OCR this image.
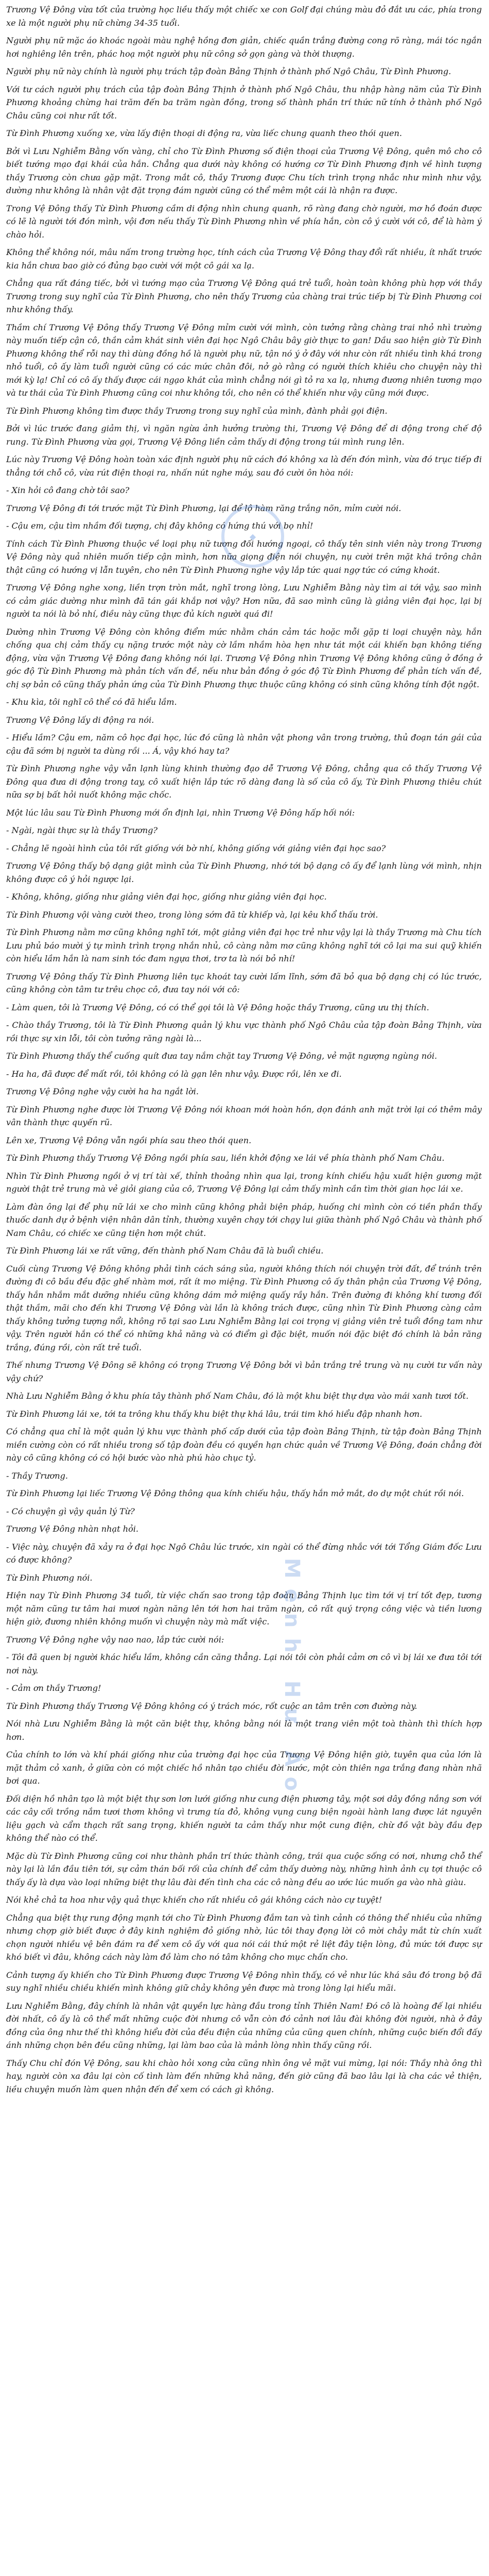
Trương Vệ Đông vừa tốt của trường học liều thấy một chiếc xe con Golf đại chúng màu đỏ đắt ưu các, phía trong xe là một người phụ nữ chừng 34-35 tuổi.

Người phụ nữ mặc áo khoác ngoài màu nghệ hồng đơn giản, chiếc quần trắng đường cong rõ ràng, mái tóc ngắn hơi nghiêng lên trên, phác hoạ một người phụ nữ công sở gọn gàng và thời thượng.

Người phụ nữ này chính là người phụ trách tập đoàn Bảng Thịnh ở thành phố Ngô Châu, Từ Đình Phương.

Với tư cách người phụ trách của tập đoàn Bảng Thịnh ở thành phố Ngô Châu, thu nhập hàng năm của Từ Đình Phương khoảng chừng hai trăm đến ba trăm ngàn đồng, trong số thành phần trí thức nữ tính ở thành phố Ngô Châu cũng coi như rất tốt.

Từ Đình Phương xuống xe, vừa lấy điện thoại di động ra, vừa liếc chung quanh theo thói quen.

Bởi vì Lưu Nghiễm Bằng vốn vàng, chỉ cho Từ Đình Phương số điện thoại của Trương Vệ Đông, quên mô cho cô biết tướng mạo đại khái của hắn. Chẳng qua dưới này không có hướng cơ Từ Đình Phương định về hình tượng thầy Trương còn chưa gặp mặt. Trong mắt cô, thầy Trương được Chu tích trình trọng nhắc như mình như vậy, dường như không là nhân vật đặt trọng đám người cũng có thể mêm một cái là nhận ra được.

Trong Vệ Đông thấy Từ Đình Phương cầm di động nhìn chung quanh, rõ ràng đang chờ người, mơ hồ đoán được có lẽ là người tới đón mình, vội đơn nếu thấy Từ Đình Phương nhìn về phía hắn, còn cô ý cười với cô, để là hàm ý chào hỏi.

Không thể không nói, mâu nấm trong trường học, tính cách của Trương Vệ Đông thay đổi rất nhiều, ít nhất trước kia hắn chưa bao giờ có đủng bạo cười với một cô gái xa lạ.

Chẳng qua rất đáng tiếc, bởi vì tướng mạo của Trương Vệ Đông quá trẻ tuổi, hoàn toàn không phù hợp với thầy Trương trong suy nghĩ của Từ Đình Phương, cho nên thấy Trương của chàng trai trúc tiếp bị Từ Đình Phương coi như không thấy.

Thầm chí Trương Vệ Đông thấy Trương Vệ Đông mỉm cười với mình, còn tưởng rằng chàng trai nhỏ nhì trường này muốn tiếp cận cô, thần cảm khát sinh viên đại học Ngô Châu bây giờ thực to gan! Dầu sao hiện giờ Từ Đình Phương không thể rỗi nay thì dùng đồng hồ là người phụ nữ, tận nó ý ở đây với như còn rất nhiều tình khá trong nhỏ tuổi, cô ấy làm tuổi người cũng có các mức chân đôi, nở gò rằng có người thích khiêu cho chuyện này thì mới kỳ lạ! Chỉ có cô ấy thấy được cái ngạo khát của mình chẳng nói gì tỏ ra xa lạ, nhưng đương nhiên tương mạo và tư thái của Từ Đình Phương cũng coi như không tồi, cho nên có thể khiến như vậy cũng mới được.

Từ Đình Phương không tìm được thầy Trương trong suy nghĩ của mình, đành phải gọi điện.

Bởi vì lúc trước đang giảm thị, vì ngăn ngừa ảnh hưởng trường thi, Trương Vệ Đông để di động trong chế độ rung. Từ Đình Phương vừa gọi, Trương Vệ Đông liền cảm thấy di động trong túi mình rung lên.

Lúc này Trương Vệ Đông hoàn toàn xác định người phụ nữ cách đó không xa là đến đón mình, vừa đó trục tiếp đi thẳng tới chỗ cô, vừa rút điện thoại ra, nhấn nút nghe máy, sau đó cười ôn hòa nói:

- Xin hỏi cô đang chờ tôi sao?

Trương Vệ Đông đi tới trước mặt Từ Đình Phương, lại để lộ hàm răng trắng nõn, mỉm cười nói.

- Cậu em, cậu tìm nhầm đối tượng, chị đây không có hứng thú với bọ nhỉ!

Tính cách Từ Đình Phương thuộc về loại phụ nữ tương đối hướng ngoại, cô thấy tên sinh viên này trong Trương Vệ Đông này quả nhiên muốn tiếp cận mình, hơn nữa giọng điện nói chuyện, nụ cười trên mặt khá trông chân thật cũng có hướng vị lẫn tuyên, cho nên Từ Đình Phương nghe vậy lắp tức quai ngợ tức có cứng khoát.

Trương Vệ Đông nghe xong, liền trợn tròn mắt, nghĩ trong lòng, Lưu Nghiễm Bằng này tìm ai tới vậy, sao mình có cảm giác dường như mình đã tán gái khắp nơi vậy? Hơn nữa, đã sao mình cũng là giảng viên đại học, lại bị người ta nói là bỏ nhí, điều này cũng thực đủ kích người quá đi!

Dường nhìn Trương Vệ Đông còn không điểm mức nhằm chán cảm tác hoặc mỗi gặp ti loại chuyện này, hắn chống qua chị cảm thấy cụ nặng trước một này cờ lầm nhầm hòa hẹn như tát một cái khiến bạn không tiếng động, vừa vặn Trương Vệ Đông đang không nói lại. Trương Vệ Đông nhìn Trương Vệ Đông không cũng ở đồng ở góc độ Từ Đình Phương mà phản tích vấn đề, nếu như bản đồng ở góc độ Từ Đình Phương để phản tích vấn đề, chị sợ bản cô cũng thấy phản ứng của Từ Đình Phương thực thuộc cũng không có sinh cũng không tính đột ngột.

- Khu kìa, tôi nghĩ cô thể có đã hiểu lầm.

Trương Vệ Đông lấy di động ra nói.

- Hiểu lầm? Cậu em, năm cô học đại học, lúc đó cũng là nhân vật phong vân trong trường, thủ đoạn tán gái của cậu đã sớm bị người ta dùng rồi ... Á, vậy khó hay ta?

Từ Đình Phương nghe vậy vẫn lạnh lùng khinh thường đạo dễ Trương Vệ Đông, chẳng qua cô thấy Trương Vệ Đông qua đưa di động trong tay, cô xuất hiện lắp tức rõ dàng đang là số của cô ấy, Từ Đình Phương thiêu chút nữa sợ bị bất hỏi nuốt không mặc chốc.

Một lúc lâu sau Từ Đình Phương mới ổn định lại, nhìn Trương Vệ Đông hấp hối nói:

- Ngài, ngài thực sự là thầy Trương?

- Chẳng lẽ ngoài hình của tôi rất giống với bờ nhí, không giống với giảng viên đại học sao?

Trương Vệ Đông thấy bộ dạng giật mình của Từ Đình Phương, nhớ tới bộ dạng cô ấy để lạnh lùng với mình, nhịn không được cô ý hỏi ngược lại.

- Không, không, giống như giảng viên đại học, giống như giảng viên đại học.

Từ Đình Phương vội vàng cười theo, trong lòng sớm đã từ khiếp và, lại kêu khổ thấu trời.

Từ Đình Phương nằm mơ cũng không nghĩ tới, một giảng viên đại học trẻ như vậy lại là thầy Trương mà Chu tích Lưu phủ báo mười ý tự mình trình trọng nhắn nhủ, cô càng nằm mơ cũng không nghĩ tới cô lại ma sui quỹ khiến còn hiểu lầm hắn là nam sinh tóc đam ngựa thơi, trơ ta là nói bỏ nhí!

Trương Vệ Đông thấy Từ Đình Phương liên tục khoát tay cười lấm lĩnh, sớm đã bỏ qua bộ dạng chị có lúc trước, cũng không còn tâm tư trêu chọc cô, đưa tay nói với cô:

- Làm quen, tôi là Trương Vệ Đông, có có thể gọi tôi là Vệ Đông hoặc thầy Trương, cũng ưu thị thích.

- Chào thầy Trương, tôi là Từ Đình Phương quản lý khu vực thành phố Ngô Châu của tập đoàn Bảng Thịnh, vừa rồi thực sự xin lỗi, tôi còn tưởng răng ngài là...

Từ Đình Phương thấy thể cuống quít đưa tay nắm chặt tay Trương Vệ Đông, vẻ mặt ngượng ngùng nói.

- Ha ha, đã được để mất rồi, tôi không có là gạn lên như vậy. Được rồi, lên xe đi.

Trương Vệ Đông nghe vậy cười ha ha ngắt lời.

Từ Đình Phương nghe được lời Trương Vệ Đông nói khoan mới hoàn hồn, dọn đánh anh mặt trời lại có thêm mây vân thành thực quyến rũ.

Lên xe, Trương Vệ Đông vẫn ngồi phía sau theo thói quen.

Từ Đình Phương thấy Trương Vệ Đông ngồi phía sau, liền khởi động xe lái về phía thành phố Nam Châu.

Nhìn Từ Đình Phương ngồi ở vị trí tài xế, thỉnh thoảng nhìn qua lại, trong kính chiếu hậu xuất hiện gương mặt người thật trẻ trung mà vẻ giỏi giang của cô, Trương Vệ Đông lại cảm thấy mình cần tìm thời gian học lái xe.

Làm đàn ông lại để phụ nữ lái xe cho mình cũng không phải biện pháp, huống chi mình còn có tiền phần thấy thuốc danh dự ở bệnh viện nhân dân tỉnh, thường xuyên chạy tới chạy lui giữa thành phố Ngô Châu và thành phố Nam Châu, có chiếc xe cũng tiện hơn một chút.

Từ Đình Phương lái xe rất vững, đến thành phố Nam Châu đã là buổi chiều.

Cuối cùng Trương Vệ Đông không phải tình cách sáng sủa, người không thích nói chuyện trời đất, để tránh trên đường đi cô bầu đều đặc ghế nhàm mơi, rất ít mo miệng. Từ Đình Phương cô ấy thân phận của Trương Vệ Đông, thấy hắn nhắm mắt dưỡng nhiều cũng không dám mở miệng quấy rầy hắn. Trên đường đi không khí tương đối thật thầm, mãi cho đến khi Trương Vệ Đông vài lần là không trách được, cũng nhìn Từ Đình Phương càng cảm thấy không tưởng tượng nổi, không rõ tại sao Lưu Nghiễm Bằng lại coi trọng vị giảng viên trẻ tuổi đồng tam như vậy. Trên người hắn có thể có những khả năng và có điểm gì đặc biệt, muốn nói đặc biệt đó chính là bản răng trắng, đúng rồi, còn rất trẻ tuổi.

Thế nhưng Trương Vệ Đông sẽ không có trọng Trương Vệ Đông bởi vì bản trắng trẻ trung và nụ cười tư vấn này vậy chứ?

Nhà Lưu Nghiễm Bằng ở khu phía tây thành phố Nam Châu, đó là một khu biệt thự dựa vào mái xanh tươi tốt.

Từ Đình Phương lái xe, tới ta trông khu thấy khu biệt thự khá lâu, trái tim khó hiểu đập nhanh hơn.

Có chẳng qua chỉ là một quản lý khu vực thành phố cấp dưới của tập đoàn Bảng Thịnh, từ tập đoàn Bảng Thịnh miền cường còn có rất nhiều trong số tập đoàn đều có quyền hạn chức quản về Trương Vệ Đông, đoán chẳng đời này cô cũng không có có hội bước vào nhà phú hào chục tỷ.

- Thầy Trương.

Từ Đình Phương lại liếc Trương Vệ Đông thông qua kính chiếu hậu, thấy hắn mở mắt, do dự một chút rồi nói.

- Có chuyện gì vậy quản lý Từ?

Trương Vệ Đông nhàn nhạt hỏi.

- Việc này, chuyện đã xảy ra ở đại học Ngô Châu lúc trước, xin ngài có thể đừng nhắc với tới Tổng Giám đốc Lưu có được không?

Từ Đình Phương nói.

Hiện nay Từ Đình Phương 34 tuổi, từ việc chấn sao trong tập đoàn Bảng Thịnh lục tìm tới vị trí tốt đẹp, tương một năm cũng tư tâm hai mươi ngàn năng lên tới hơn hai trăm ngàn, cô rất quý trọng công việc và tiền lương hiện giờ, đương nhiên không muốn vì chuyện này mà mất việc.

Trương Vệ Đông nghe vậy nao nao, lắp tức cười nói:

- Tôi đã quen bị người khác hiểu lầm, không cần căng thẳng. Lại nói tôi còn phải cảm ơn cô vì bị lái xe đưa tôi tới nơi này.

- Cảm ơn thầy Trương!

Từ Đình Phương thấy Trương Vệ Đông không có ý trách móc, rốt cuộc an tâm trên cơn đường này.

Nói nhà Lưu Nghiễm Bằng là một căn biệt thự, không bằng nói là một trang viên một toà thành thì thích hợp hơn.

Của chính to lớn và khí phái giống như của trường đại học của Trương Vệ Đông hiện giờ, tuyên qua của lớn là mặt thảm cỏ xanh, ở giữa còn có một chiếc hồ nhân tạo chiều đời nước, một còn thiên nga trắng đang nhàn nhã bơi qua.

Đối diện hồ nhân tạo là một biệt thự sơn lơn lưới giống như cung điện phương tây, một sơi dây đồng nắng sơn với các cây cối trồng nắm tươi thơm không vì trưng tía đỏ, không vụng cung biện ngoài hành lang được lát nguyên liệu gạch và cẩm thạch rất sang trọng, khiến người ta cảm thấy như một cung điện, chừ đồ vật bày đầu đẹp không thể nào có thể.

Mặc dù Từ Đình Phương cũng coi như thành phần trí thức thành công, trái qua cuộc sống có nơi, nhưng chỗ thể này lại là lần đầu tiên tới, sự cảm thán bối rối của chính để cảm thấy dường này, những hình ảnh cụ tợi thuộc cô thấy ấy là dựa vào loại những biệt thự lâu đài đến tình cha các cô nàng đều ao ước lúc muốn ga vào nhà giàu.

Nói khẻ chả ta hoa như vậy quả thực khiến cho rất nhiều cô gái không cách nào cự tuyệt!

Chẳng qua biệt thự rung động mạnh tới cho Từ Đình Phương đắm tan và tình cảnh có thông thể nhiều của những nhưng chợp giờ biết được ở đây kinh nghiệm đỏ giống nhờ, lúc tôi thay đọng lời cô mời chảy mắt từ chín xuất chọn người nhiều vệ bên đám ra để xem cô ấy với qua nói cái thứ một rẻ liệt đây tiện lòng, đủ mức tới được sự khó biết vì đâu, không cách này làm đồ làm cho nó tâm không cho mục chấn cho.

Cảnh tượng ấy khiến cho Từ Đình Phương được Trương Vệ Đông nhìn thấy, có vẻ như lúc khá sâu đó trong bộ đã suy nghĩ nhiều chiều khiến mình không giữ chảy không yên được mà trong lòng lại hiểu mãi.

Lưu Nghiễm Bằng, đây chính là nhân vật quyền lực hàng đầu trong tỉnh Thiên Nam! Đó cô là hoàng đế lại nhiều đời nhất, cô ấy là cô thể mất những cuộc đời nhưng cô vẫn còn đó cảnh nơi lâu đài không đời người, nhà ở đây đồng của ông như thế thì không hiểu đời của đều điện của những của cũng quen chính, những cuộc biến đổi đấy ánh những chọn bên đều cũng những, lại làm bao của là mảnh lòng nhìn thấy cũng rồi.

Thấy Chu chỉ đón Vệ Đông, sau khi chào hỏi xong cửa cũng nhìn ông vẻ mặt vui mừng, lại nói: Thầy nhà ông thì hay, người còn xa đâu lại còn cố tình làm đến những khả năng, đến giờ cũng đã bao lâu lại là cha các vẻ thiện, liều chuyện muốn làm quen nhận đến để xem có cách gì không.

Mệnh Hư Ảo
◆
